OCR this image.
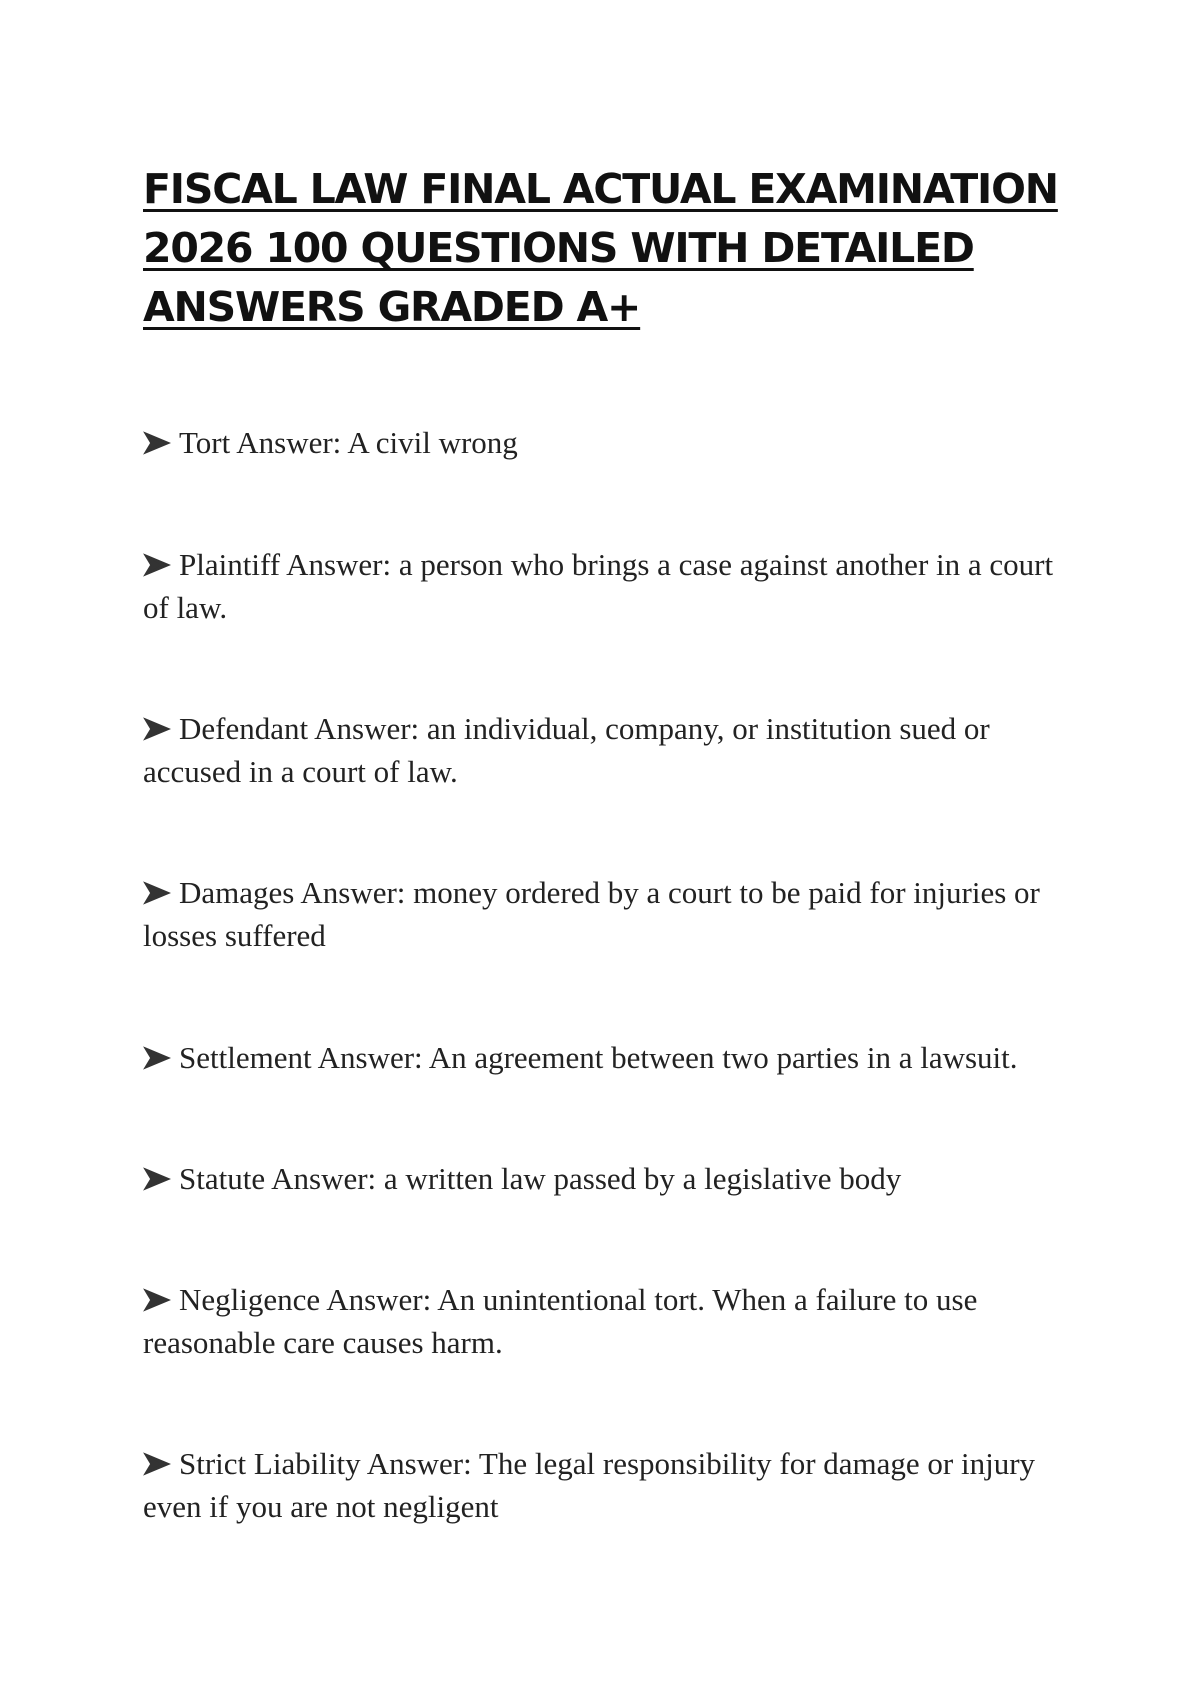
FISCAL LAW FINAL ACTUAL EXAMINATION 2026 100 QUESTIONS WITH DETAILED ANSWERS GRADED A+

Tort Answer: A civil wrong

Plaintiff Answer: a person who brings a case against another in a court of law.

Defendant Answer: an individual, company, or institution sued or accused in a court of law.

Damages Answer: money ordered by a court to be paid for injuries or losses suffered

Settlement Answer: An agreement between two parties in a lawsuit.

Statute Answer: a written law passed by a legislative body

Negligence Answer: An unintentional tort. When a failure to use reasonable care causes harm.

Strict Liability Answer: The legal responsibility for damage or injury even if you are not negligent
